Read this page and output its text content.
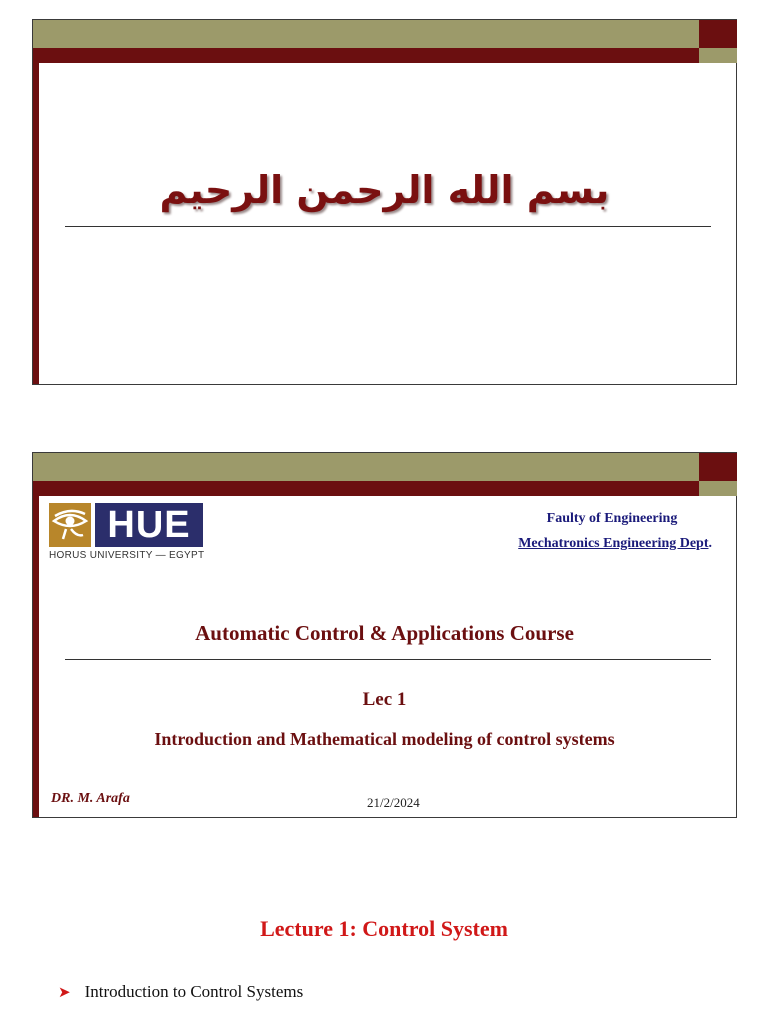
بسم الله الرحمن الرحيم
HUE
HORUS UNIVERSITY — EGYPT
Faulty of Engineering
Mechatronics Engineering Dept.
Automatic Control & Applications Course
Lec 1
Introduction and Mathematical modeling of control systems
DR. M. Arafa	21/2/2024
Lecture 1: Control System
➤ Introduction to Control Systems
